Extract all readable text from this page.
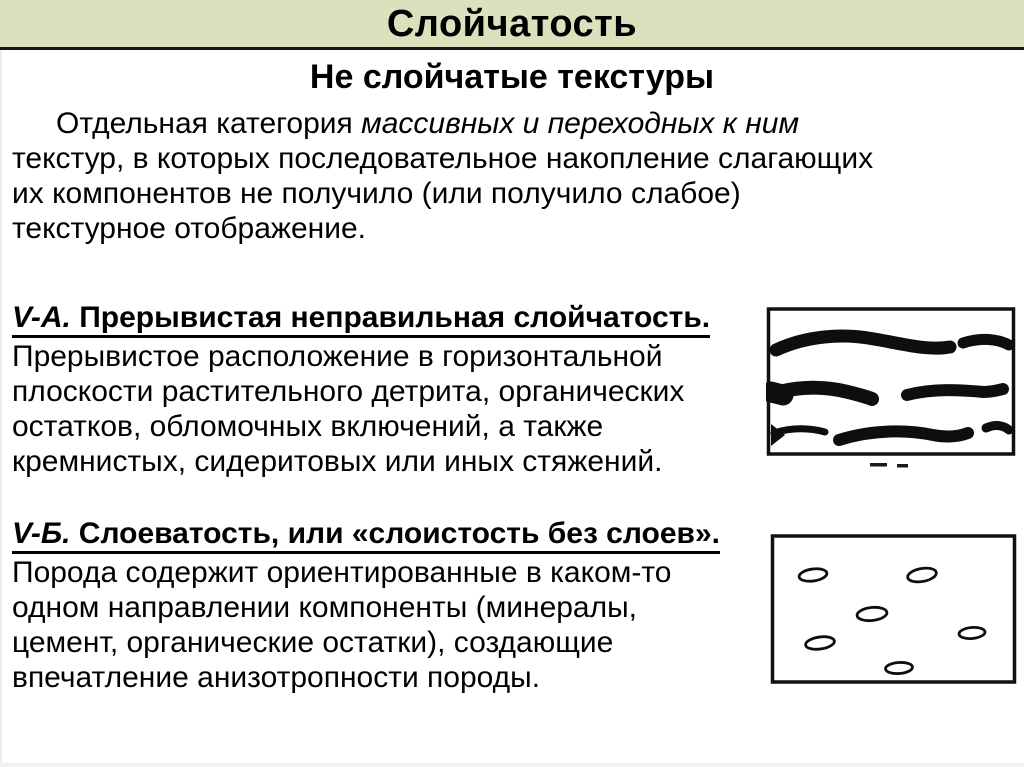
Слойчатость
Не слойчатые текстуры

Отдельная категория массивных и переходных к ним
текстур, в которых последовательное накопление слагающих
их компонентов не получило (или получило слабое)
текстурное отображение.

V-А. Прерывистая неправильная слойчатость.
Прерывистое расположение в горизонтальной
плоскости растительного детрита, органических
остатков, обломочных включений, а также
кремнистых, сидеритовых или иных стяжений.
V-Б. Слоеватость, или «слоистость без слоев».
Порода содержит ориентированные в каком-то
одном направлении компоненты (минералы,
цемент, органические остатки), создающие
впечатление анизотропности породы.
